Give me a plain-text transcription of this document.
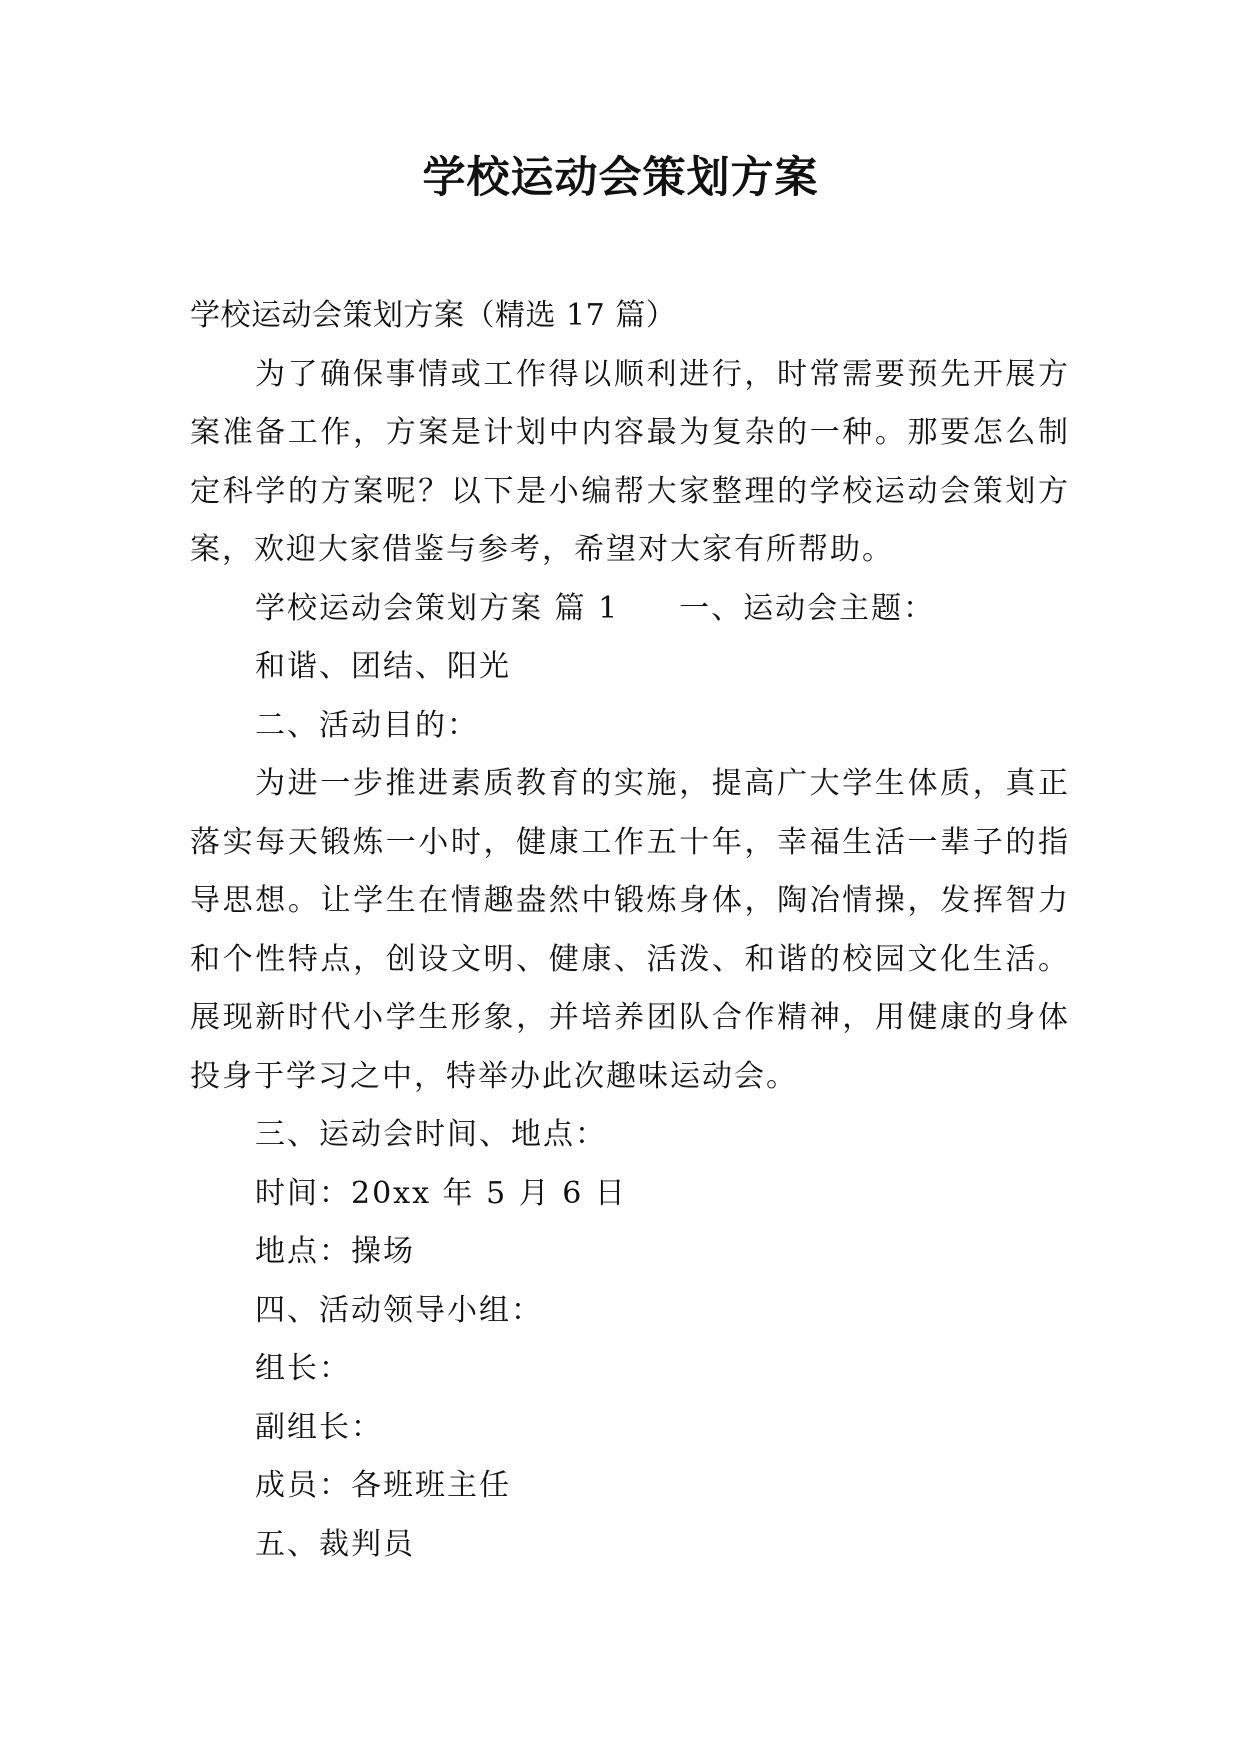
学校运动会策划方案

学校运动会策划方案（精选 17 篇）

为了确保事情或工作得以顺利进行，时常需要预先开展方案准备工作，方案是计划中内容最为复杂的一种。那要怎么制定科学的方案呢？以下是小编帮大家整理的学校运动会策划方案，欢迎大家借鉴与参考，希望对大家有所帮助。

学校运动会策划方案 篇 1 一、运动会主题：

和谐、团结、阳光

二、活动目的：

为进一步推进素质教育的实施，提高广大学生体质，真正落实每天锻炼一小时，健康工作五十年，幸福生活一辈子的指导思想。让学生在情趣盎然中锻炼身体，陶冶情操，发挥智力和个性特点，创设文明、健康、活泼、和谐的校园文化生活。展现新时代小学生形象，并培养团队合作精神，用健康的身体投身于学习之中，特举办此次趣味运动会。

三、运动会时间、地点：

时间：20xx 年 5 月 6 日

地点：操场

四、活动领导小组：

组长：

副组长：

成员：各班班主任

五、裁判员
